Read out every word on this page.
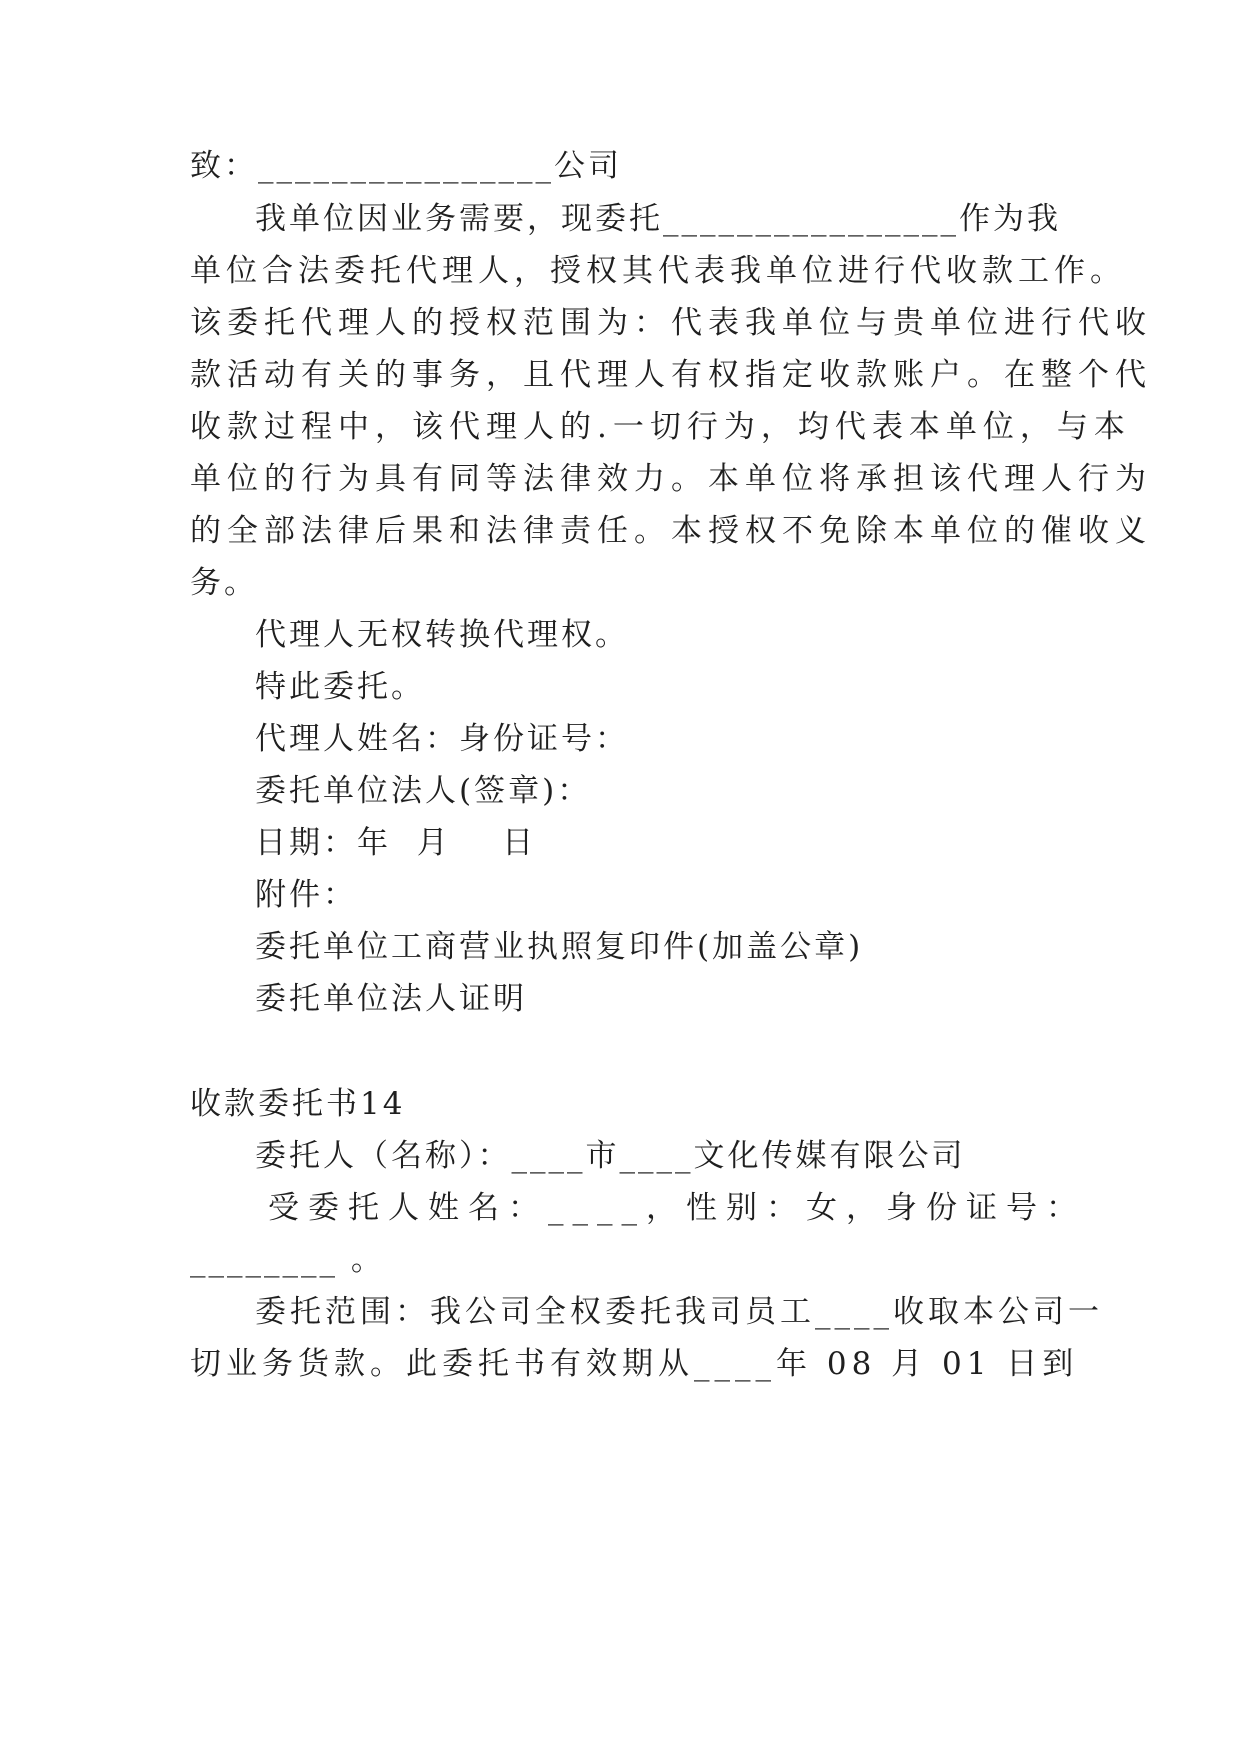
致：________________公司
我单位因业务需要，现委托________________作为我
单位合法委托代理人，授权其代表我单位进行代收款工作。
该委托代理人的授权范围为：代表我单位与贵单位进行代收
款活动有关的事务，且代理人有权指定收款账户。在整个代
收款过程中，该代理人的.一切行为，均代表本单位，与本
单位的行为具有同等法律效力。本单位将承担该代理人行为
的全部法律后果和法律责任。本授权不免除本单位的催收义
务。
代理人无权转换代理权。
特此委托。
代理人姓名：身份证号：
委托单位法人(签章)：
日期：年  月    日
附件：
委托单位工商营业执照复印件(加盖公章)
委托单位法人证明
收款委托书14
委托人（名称）：____市____文化传媒有限公司
受委托人姓名：____，性别：女，身份证号：
________ 。
委托范围：我公司全权委托我司员工____收取本公司一
切业务货款。此委托书有效期从____年 08 月 01 日到
